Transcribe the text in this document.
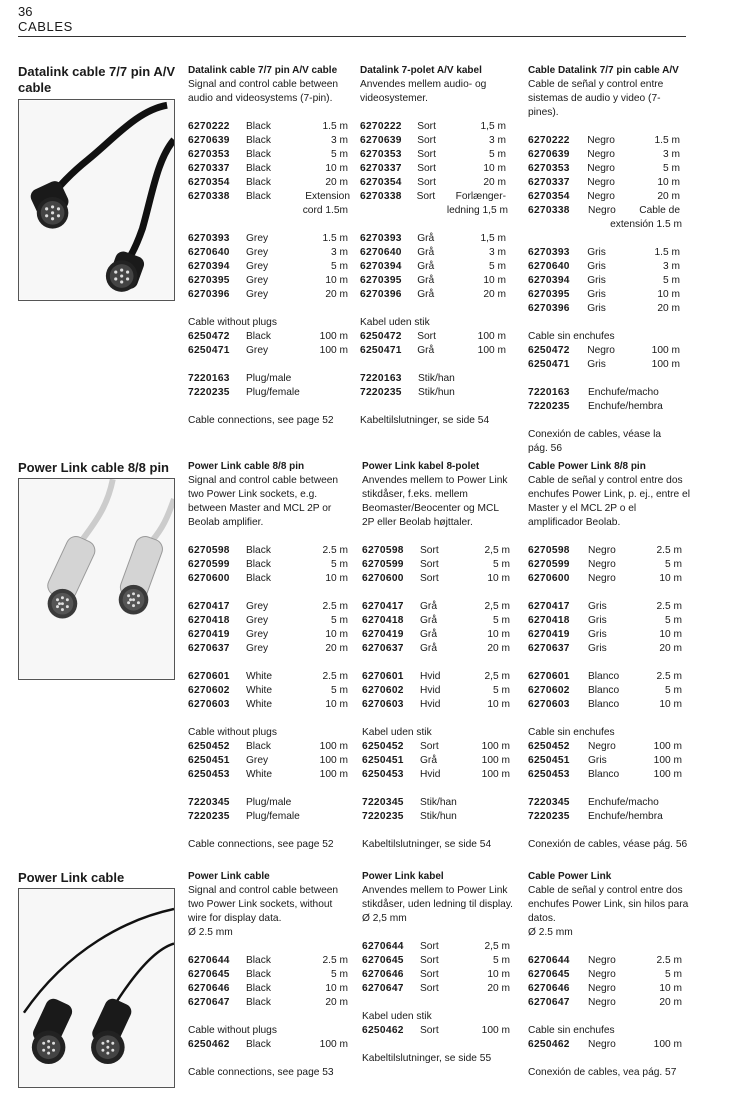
36
CABLES
Datalink cable 7/7 pin A/V cable
Datalink cable 7/7 pin A/V cable
Signal and control cable between audio and videosystems (7-pin).
6270222	Black	1.5 m
6270639	Black	3 m
6270353	Black	5 m
6270337	Black	10 m
6270354	Black	20 m
6270338	Black	Extension
cord 1.5m
6270393	Grey	1.5 m
6270640	Grey	3 m
6270394	Grey	5 m
6270395	Grey	10 m
6270396	Grey	20 m
Cable without plugs
6250472	Black	100 m
6250471	Grey	100 m
7220163	Plug/male
7220235	Plug/female
Cable connections, see page 52
Datalink 7-polet A/V kabel
Anvendes mellem audio- og videosystemer.
6270222	Sort	1,5 m
6270639	Sort	3 m
6270353	Sort	5 m
6270337	Sort	10 m
6270354	Sort	20 m
6270338	Sort	Forlænger-
ledning 1,5 m
6270393	Grå	1,5 m
6270640	Grå	3 m
6270394	Grå	5 m
6270395	Grå	10 m
6270396	Grå	20 m
Kabel uden stik
6250472	Sort	100 m
6250471	Grå	100 m
7220163	Stik/han
7220235	Stik/hun
Kabeltilslutninger, se side 54
Cable Datalink 7/7 pin cable A/V
Cable de señal y control entre sistemas de audio y video (7-pines).
6270222	Negro	1.5 m
6270639	Negro	3 m
6270353	Negro	5 m
6270337	Negro	10 m
6270354	Negro	20 m
6270338	Negro	Cable de
extensión 1.5 m
6270393	Gris	1.5 m
6270640	Gris	3 m
6270394	Gris	5 m
6270395	Gris	10 m
6270396	Gris	20 m
Cable sin enchufes
6250472	Negro	100 m
6250471	Gris	100 m
7220163	Enchufe/macho
7220235	Enchufe/hembra
Conexión de cables, véase la pág. 56
Power Link cable 8/8 pin	Power Link cable 8/8 pin
Signal and control cable between two Power Link sockets, e.g. between Master and MCL 2P or Beolab amplifier.
6270598	Black	2.5 m
6270599	Black	5 m
6270600	Black	10 m
6270417	Grey	2.5 m
6270418	Grey	5 m
6270419	Grey	10 m
6270637	Grey	20 m
6270601	White	2.5 m
6270602	White	5 m
6270603	White	10 m
Cable without plugs
6250452	Black	100 m
6250451	Grey	100 m
6250453	White	100 m
7220345	Plug/male
7220235	Plug/female
Cable connections, see page 52
Power Link kabel 8-polet
Anvendes mellem to Power Link stikdåser, f.eks. mellem Beomaster/Beocenter og MCL 2P eller Beolab højttaler.
6270598	Sort	2,5 m
6270599	Sort	5 m
6270600	Sort	10 m
6270417	Grå	2,5 m
6270418	Grå	5 m
6270419	Grå	10 m
6270637	Grå	20 m
6270601	Hvid	2,5 m
6270602	Hvid	5 m
6270603	Hvid	10 m
Kabel uden stik
6250452	Sort	100 m
6250451	Grå	100 m
6250453	Hvid	100 m
7220345	Stik/han
7220235	Stik/hun
Kabeltilslutninger, se side 54
Cable Power Link 8/8 pin
Cable de señal y control entre dos enchufes Power Link, p. ej., entre el Master y el MCL 2P o el amplificador Beolab.
6270598	Negro	2.5 m
6270599	Negro	5 m
6270600	Negro	10 m
6270417	Gris	2.5 m
6270418	Gris	5 m
6270419	Gris	10 m
6270637	Gris	20 m
6270601	Blanco	2.5 m
6270602	Blanco	5 m
6270603	Blanco	10 m
Cable sin enchufes
6250452	Negro	100 m
6250451	Gris	100 m
6250453	Blanco	100 m
7220345	Enchufe/macho
7220235	Enchufe/hembra
Conexión de cables, véase pág. 56
Power Link cable	Power Link cable
Signal and control cable between two Power Link sockets, without wire for display data.
Ø 2.5 mm
6270644	Black	2.5 m
6270645	Black	5 m
6270646	Black	10 m
6270647	Black	20 m
Cable without plugs
6250462	Black	100 m
Cable connections, see page 53
Power Link kabel
Anvendes mellem to Power Link stikdåser, uden ledning til display.
Ø 2,5 mm
6270644	Sort	2,5 m
6270645	Sort	5 m
6270646	Sort	10 m
6270647	Sort	20 m
Kabel uden stik
6250462	Sort	100 m
Kabeltilslutninger, se side 55
Cable Power Link
Cable de señal y control entre dos enchufes Power Link, sin hilos para datos.
Ø 2.5 mm
6270644	Negro	2.5 m
6270645	Negro	5 m
6270646	Negro	10 m
6270647	Negro	20 m
Cable sin enchufes
6250462	Negro	100 m
Conexión de cables, vea pág. 57
